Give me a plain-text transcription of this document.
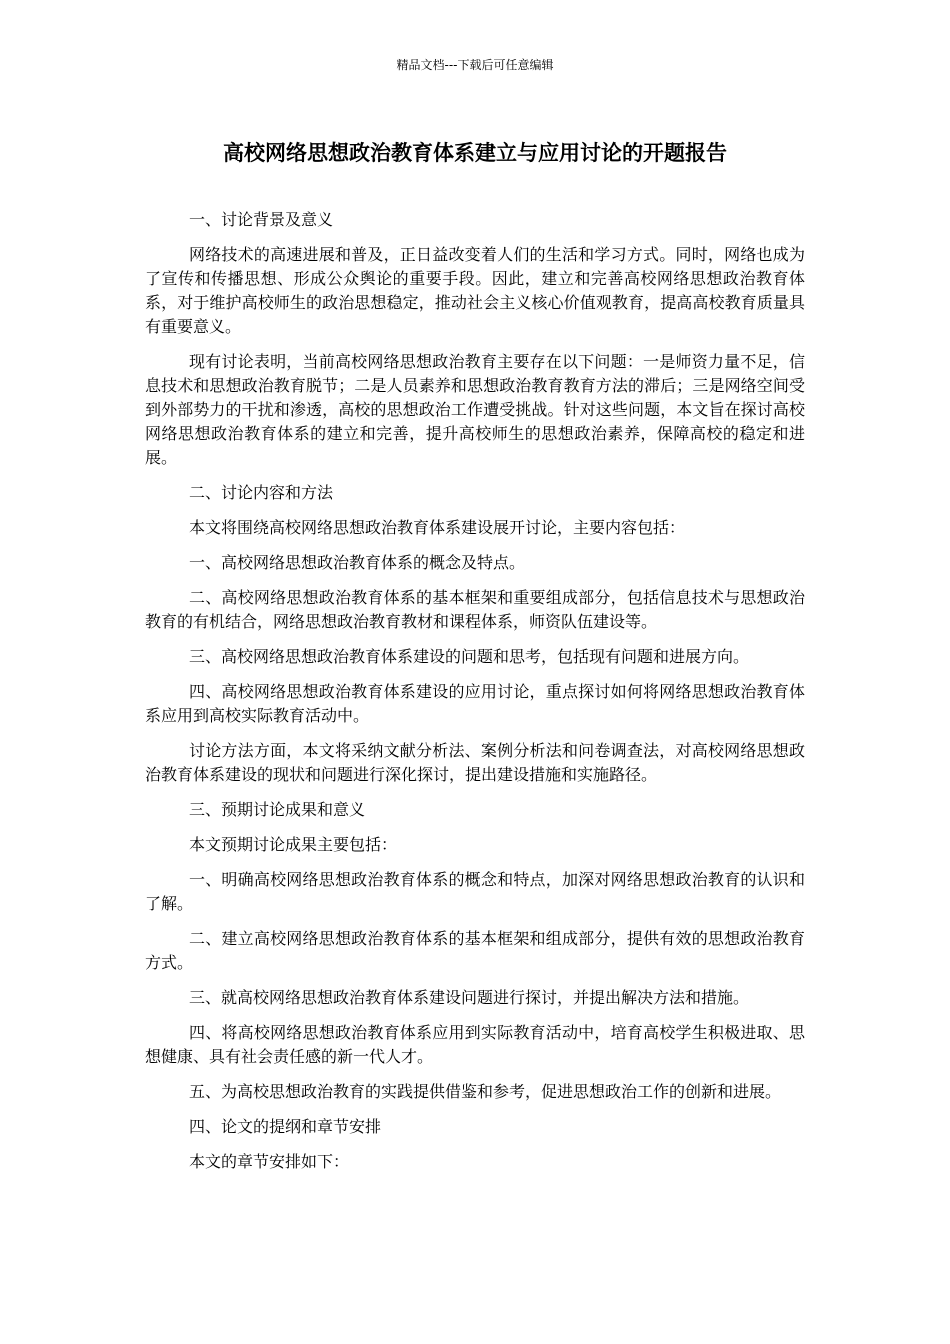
精品文档---下载后可任意编辑
高校网络思想政治教育体系建立与应用讨论的开题报告

一、讨论背景及意义

网络技术的高速进展和普及，正日益改变着人们的生活和学习方式。同时，网络也成为了宣传和传播思想、形成公众舆论的重要手段。因此，建立和完善高校网络思想政治教育体系，对于维护高校师生的政治思想稳定，推动社会主义核心价值观教育，提高高校教育质量具有重要意义。

现有讨论表明，当前高校网络思想政治教育主要存在以下问题：一是师资力量不足，信息技术和思想政治教育脱节；二是人员素养和思想政治教育教育方法的滞后；三是网络空间受到外部势力的干扰和渗透，高校的思想政治工作遭受挑战。针对这些问题，本文旨在探讨高校网络思想政治教育体系的建立和完善，提升高校师生的思想政治素养，保障高校的稳定和进展。

二、讨论内容和方法

本文将围绕高校网络思想政治教育体系建设展开讨论，主要内容包括：

一、高校网络思想政治教育体系的概念及特点。

二、高校网络思想政治教育体系的基本框架和重要组成部分，包括信息技术与思想政治教育的有机结合，网络思想政治教育教材和课程体系，师资队伍建设等。

三、高校网络思想政治教育体系建设的问题和思考，包括现有问题和进展方向。

四、高校网络思想政治教育体系建设的应用讨论，重点探讨如何将网络思想政治教育体系应用到高校实际教育活动中。

讨论方法方面，本文将采纳文献分析法、案例分析法和问卷调查法，对高校网络思想政治教育体系建设的现状和问题进行深化探讨，提出建设措施和实施路径。

三、预期讨论成果和意义

本文预期讨论成果主要包括：

一、明确高校网络思想政治教育体系的概念和特点，加深对网络思想政治教育的认识和了解。

二、建立高校网络思想政治教育体系的基本框架和组成部分，提供有效的思想政治教育方式。

三、就高校网络思想政治教育体系建设问题进行探讨，并提出解决方法和措施。

四、将高校网络思想政治教育体系应用到实际教育活动中，培育高校学生积极进取、思想健康、具有社会责任感的新一代人才。

五、为高校思想政治教育的实践提供借鉴和参考，促进思想政治工作的创新和进展。

四、论文的提纲和章节安排

本文的章节安排如下：
